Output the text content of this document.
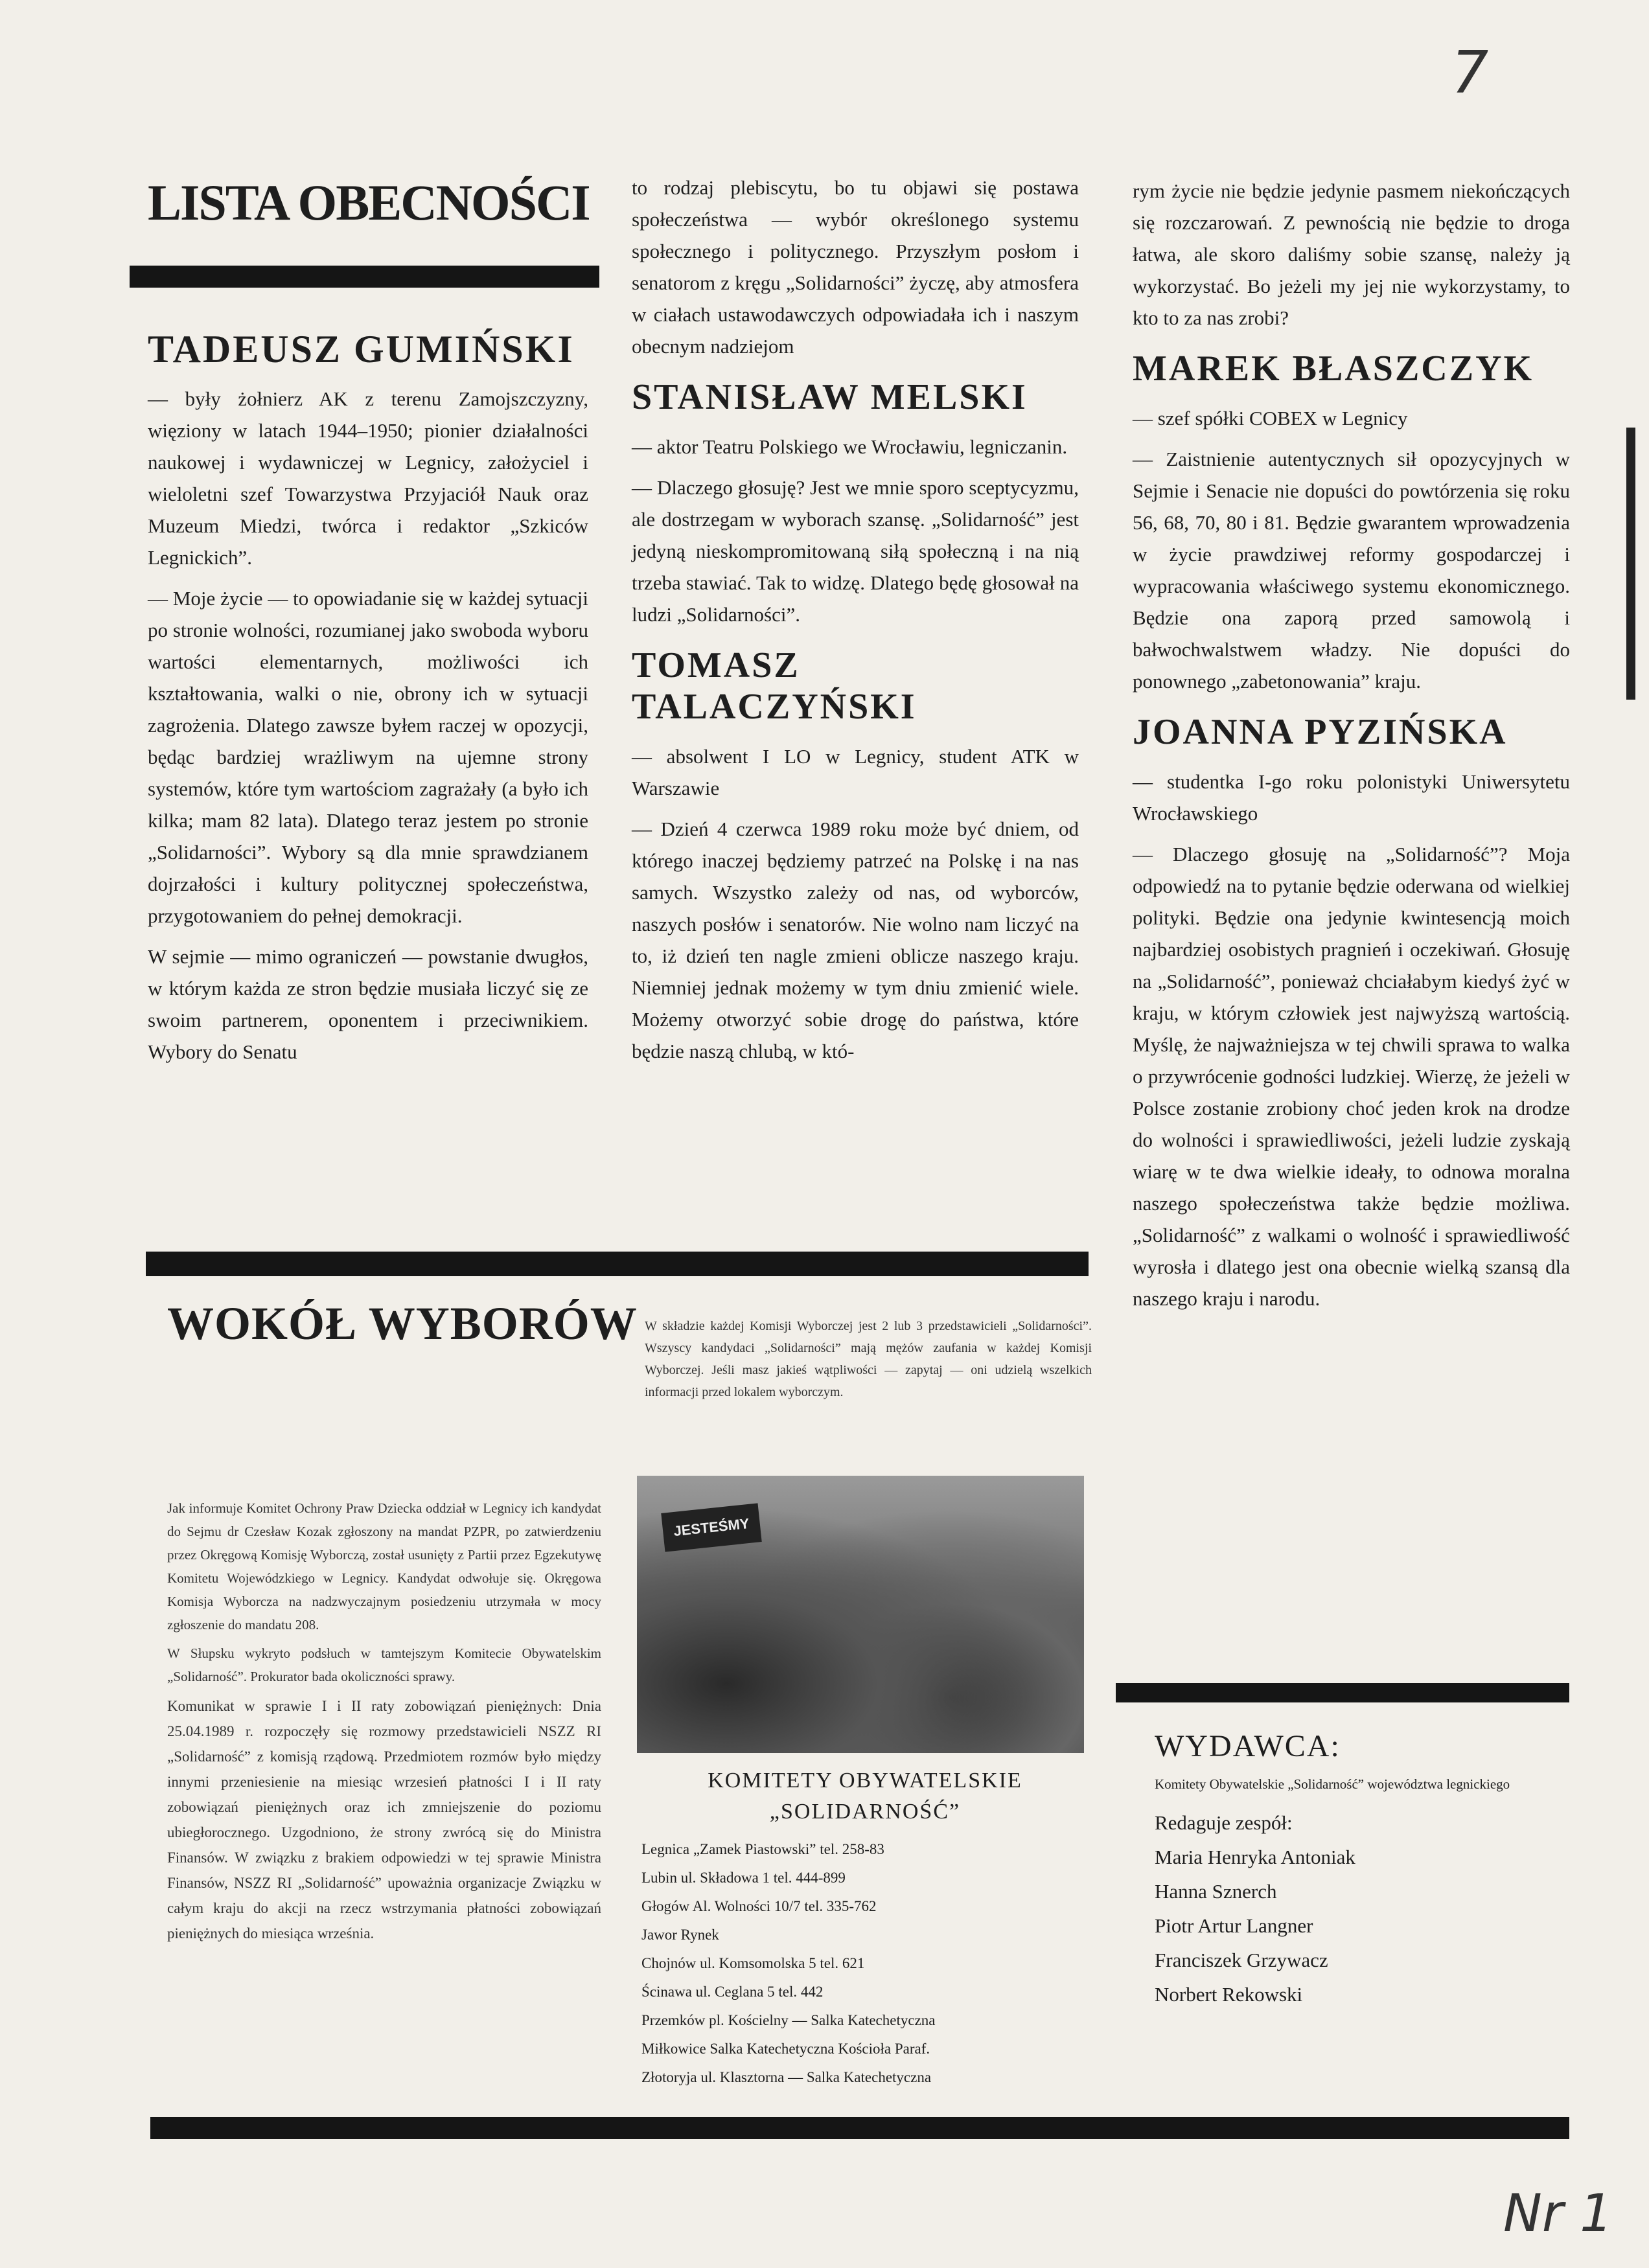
7
Nr 1
LISTA OBECNOŚCI
TADEUSZ GUMIŃSKI

— były żołnierz AK z terenu Zamojszczyzny, więziony w latach 1944–1950; pionier działalności naukowej i wydawniczej w Legnicy, założyciel i wieloletni szef Towarzystwa Przyjaciół Nauk oraz Muzeum Miedzi, twórca i redaktor „Szkiców Legnickich”.

— Moje życie — to opowiadanie się w każdej sytuacji po stronie wolności, rozumianej jako swoboda wyboru wartości elementarnych, możliwości ich kształtowania, walki o nie, obrony ich w sytuacji zagrożenia. Dlatego zawsze byłem raczej w opozycji, będąc bardziej wrażliwym na ujemne strony systemów, które tym wartościom zagrażały (a było ich kilka; mam 82 lata). Dlatego teraz jestem po stronie „Solidarności”. Wybory są dla mnie sprawdzianem dojrzałości i kultury politycznej społeczeństwa, przygotowaniem do pełnej demokracji.

W sejmie — mimo ograniczeń — powstanie dwugłos, w którym każda ze stron będzie musiała liczyć się ze swoim partnerem, oponentem i przeciwnikiem. Wybory do Senatu

to rodzaj plebiscytu, bo tu objawi się postawa społeczeństwa — wybór określonego systemu społecznego i politycznego. Przyszłym posłom i senatorom z kręgu „Solidarności” życzę, aby atmosfera w ciałach ustawodawczych odpowiadała ich i naszym obecnym nadziejom

STANISŁAW MELSKI

— aktor Teatru Polskiego we Wrocławiu, legniczanin.

— Dlaczego głosuję? Jest we mnie sporo sceptycyzmu, ale dostrzegam w wyborach szansę. „Solidarność” jest jedyną nieskompromitowaną siłą społeczną i na nią trzeba stawiać. Tak to widzę. Dlatego będę głosował na ludzi „Solidarności”.

TOMASZ TALACZYŃSKI

— absolwent I LO w Legnicy, student ATK w Warszawie

— Dzień 4 czerwca 1989 roku może być dniem, od którego inaczej będziemy patrzeć na Polskę i na nas samych. Wszystko zależy od nas, od wyborców, naszych posłów i senatorów. Nie wolno nam liczyć na to, iż dzień ten nagle zmieni oblicze naszego kraju. Niemniej jednak możemy w tym dniu zmienić wiele. Możemy otworzyć sobie drogę do państwa, które będzie naszą chlubą, w któ-

rym życie nie będzie jedynie pasmem niekończących się rozczarowań. Z pewnością nie będzie to droga łatwa, ale skoro daliśmy sobie szansę, należy ją wykorzystać. Bo jeżeli my jej nie wykorzystamy, to kto to za nas zrobi?

MAREK BŁASZCZYK

— szef spółki COBEX w Legnicy

— Zaistnienie autentycznych sił opozycyjnych w Sejmie i Senacie nie dopuści do powtórzenia się roku 56, 68, 70, 80 i 81. Będzie gwarantem wprowadzenia w życie prawdziwej reformy gospodarczej i wypracowania właściwego systemu ekonomicznego. Będzie ona zaporą przed samowolą i bałwochwalstwem władzy. Nie dopuści do ponownego „zabetonowania” kraju.

JOANNA PYZIŃSKA

— studentka I-go roku polonistyki Uniwersytetu Wrocławskiego

— Dlaczego głosuję na „Solidarność”? Moja odpowiedź na to pytanie będzie oderwana od wielkiej polityki. Będzie ona jedynie kwintesencją moich najbardziej osobistych pragnień i oczekiwań. Głosuję na „Solidarność”, ponieważ chciałabym kiedyś żyć w kraju, w którym człowiek jest najwyższą wartością. Myślę, że najważniejsza w tej chwili sprawa to walka o przywrócenie godności ludzkiej. Wierzę, że jeżeli w Polsce zostanie zrobiony choć jeden krok na drodze do wolności i sprawiedliwości, jeżeli ludzie zyskają wiarę w te dwa wielkie ideały, to odnowa moralna naszego społeczeństwa także będzie możliwa. „Solidarność” z walkami o wolność i sprawiedliwość wyrosła i dlatego jest ona obecnie wielką szansą dla naszego kraju i narodu.

WOKÓŁ WYBORÓW

Jak informuje Komitet Ochrony Praw Dziecka oddział w Legnicy ich kandydat do Sejmu dr Czesław Kozak zgłoszony na mandat PZPR, po zatwierdzeniu przez Okręgową Komisję Wyborczą, został usunięty z Partii przez Egzekutywę Komitetu Wojewódzkiego w Legnicy. Kandydat odwołuje się. Okręgowa Komisja Wyborcza na nadzwyczajnym posiedzeniu utrzymała w mocy zgłoszenie do mandatu 208.

W Słupsku wykryto podsłuch w tamtejszym Komitecie Obywatelskim „Solidarność”. Prokurator bada okoliczności sprawy.

Komunikat w sprawie I i II raty zobowiązań pieniężnych: Dnia 25.04.1989 r. rozpoczęły się rozmowy przedstawicieli NSZZ RI „Solidarność” z komisją rządową. Przedmiotem rozmów było między innymi przeniesienie na miesiąc wrzesień płatności I i II raty zobowiązań pieniężnych oraz ich zmniejszenie do poziomu ubiegłorocznego. Uzgodniono, że strony zwrócą się do Ministra Finansów. W związku z brakiem odpowiedzi w tej sprawie Ministra Finansów, NSZZ RI „Solidarność” upoważnia organizacje Związku w całym kraju do akcji na rzecz wstrzymania płatności zobowiązań pieniężnych do miesiąca września.

W składzie każdej Komisji Wyborczej jest 2 lub 3 przedstawicieli „Solidarności”. Wszyscy kandydaci „Solidarności” mają mężów zaufania w każdej Komisji Wyborczej. Jeśli masz jakieś wątpliwości — zapytaj — oni udzielą wszelkich informacji przed lokalem wyborczym.

JESTEŚMY
KOMITETY OBYWATELSKIE
„SOLIDARNOŚĆ”
Legnica „Zamek Piastowski” tel. 258-83
Lubin ul. Składowa 1 tel. 444-899
Głogów Al. Wolności 10/7 tel. 335-762
Jawor Rynek
Chojnów ul. Komsomolska 5 tel. 621
Ścinawa ul. Ceglana 5 tel. 442
Przemków pl. Kościelny — Salka Katechetyczna
Miłkowice Salka Katechetyczna Kościoła Paraf.
Złotoryja ul. Klasztorna — Salka Katechetyczna
WYDAWCA:
Komitety Obywatelskie „Solidarność” województwa legnickiego
Redaguje zespół:
Maria Henryka Antoniak
Hanna Sznerch
Piotr Artur Langner
Franciszek Grzywacz
Norbert Rekowski
